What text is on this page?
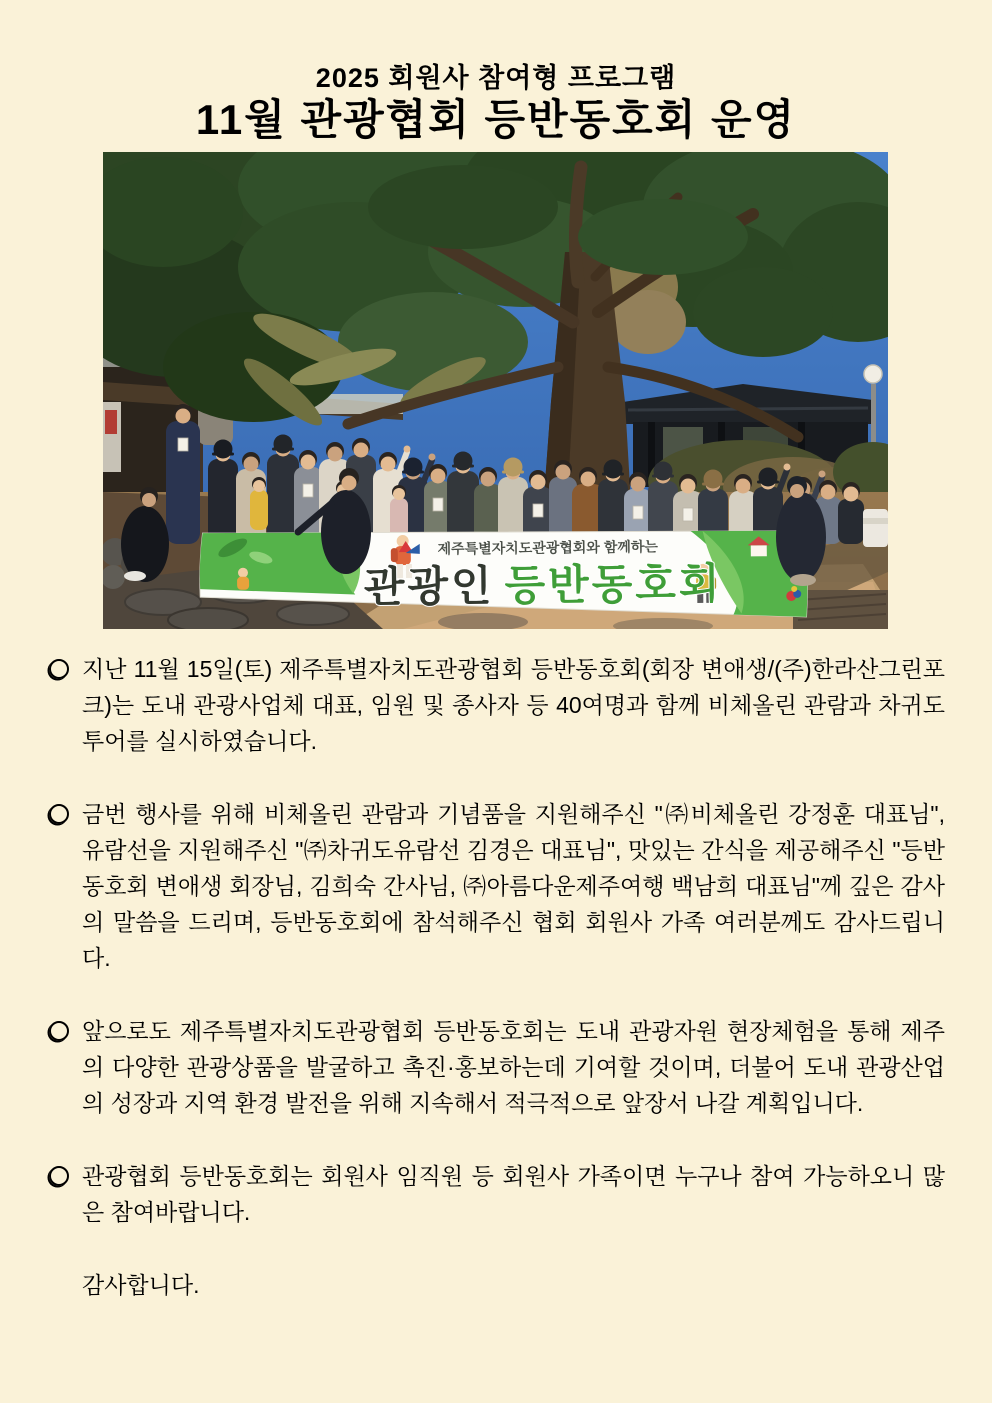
2025 회원사 참여형 프로그램
11월 관광협회 등반동호회 운영
제주특별자치도관광협회와 함께하는
관광인 등반동호회
지난 11월 15일(토) 제주특별자치도관광협회 등반동호회(회장 변애생/(주)한라산그린포크)는 도내 관광사업체 대표, 임원 및 종사자 등 40여명과 함께 비체올린 관람과 차귀도 투어를 실시하였습니다.
금번 행사를 위해 비체올린 관람과 기념품을 지원해주신 "㈜비체올린 강정훈 대표님", 유람선을 지원해주신 "㈜차귀도유람선 김경은 대표님", 맛있는 간식을 제공해주신 "등반동호회 변애생 회장님, 김희숙 간사님, ㈜아름다운제주여행 백남희 대표님"께 깊은 감사의 말씀을 드리며, 등반동호회에 참석해주신 협회 회원사 가족 여러분께도 감사드립니다.
앞으로도 제주특별자치도관광협회 등반동호회는 도내 관광자원 현장체험을 통해 제주의 다양한 관광상품을 발굴하고 촉진·홍보하는데 기여할 것이며, 더불어 도내 관광산업의 성장과 지역 환경 발전을 위해 지속해서 적극적으로 앞장서 나갈 계획입니다.
관광협회 등반동호회는 회원사 임직원 등 회원사 가족이면 누구나 참여 가능하오니 많은 참여바랍니다.
감사합니다.
